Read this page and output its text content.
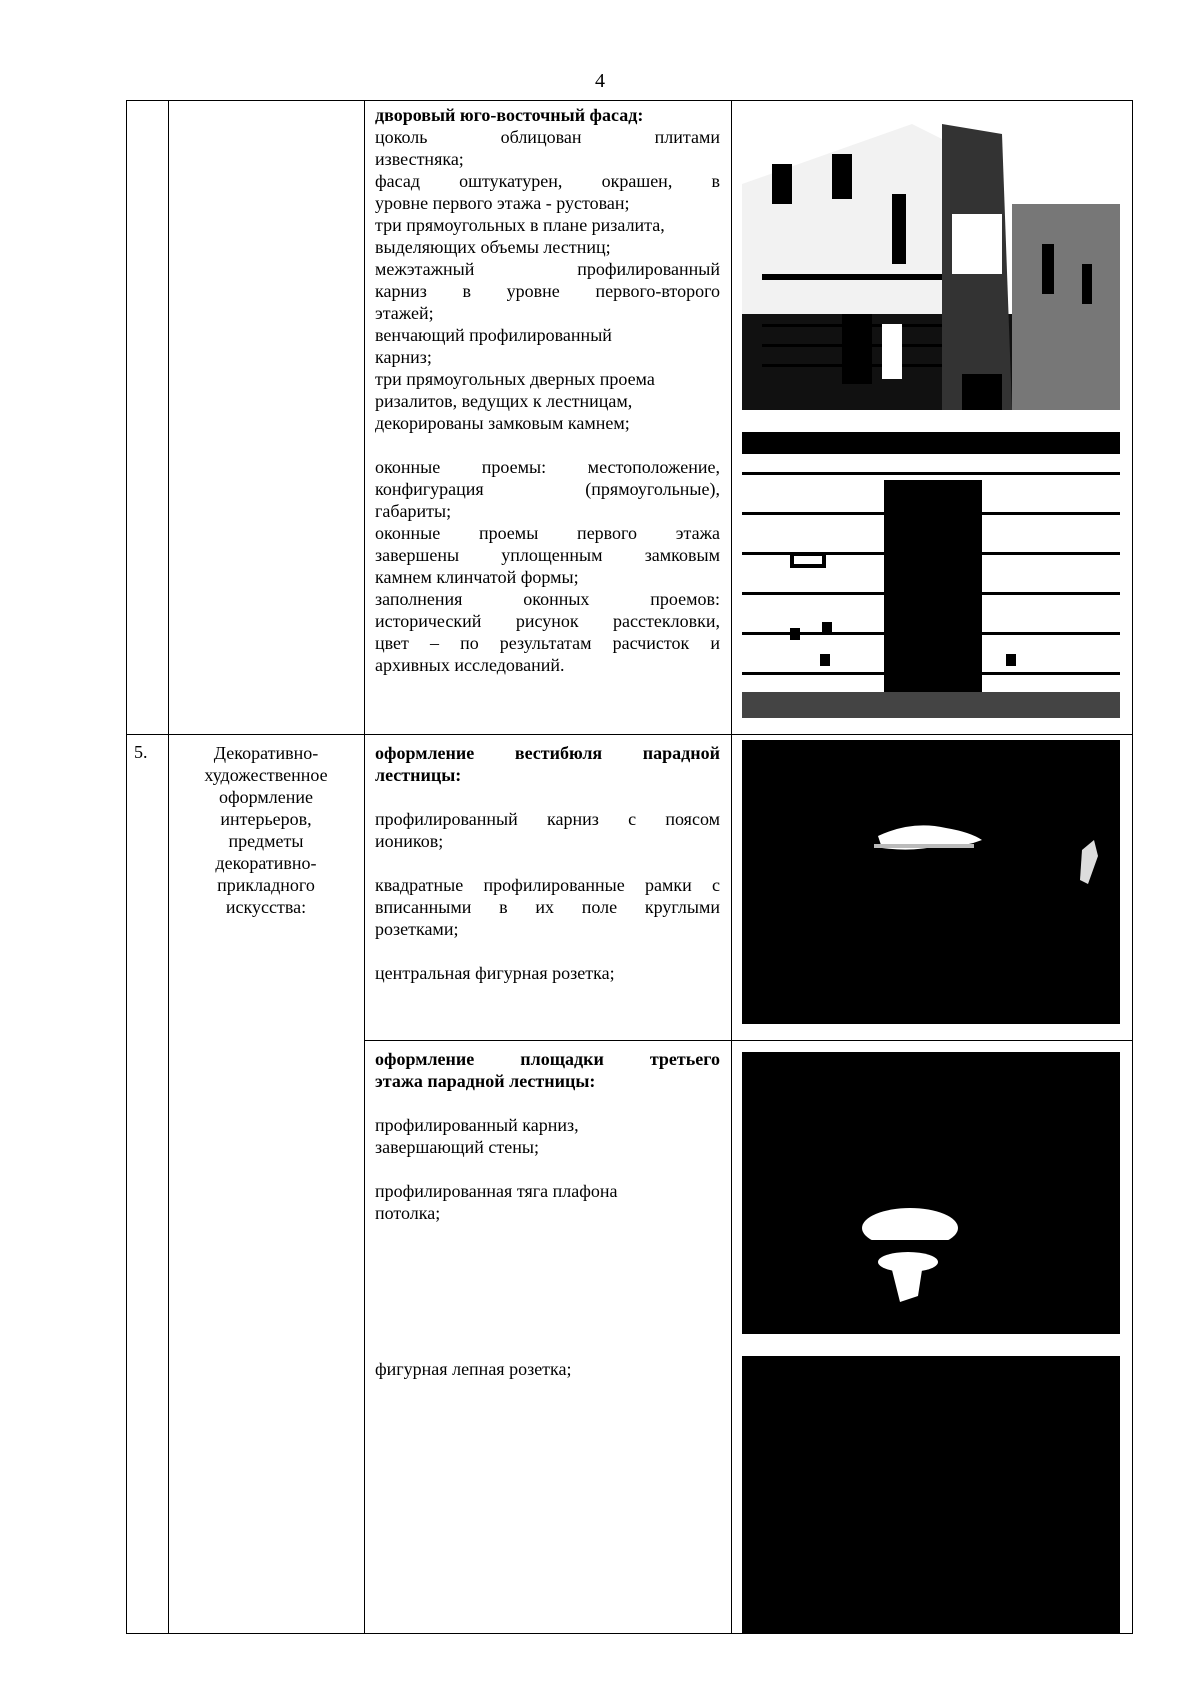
4

дворовый юго-восточный фасад:

цоколь облицован плитами

известняка;

фасад оштукатурен, окрашен, в

уровне первого этажа - рустован;

три прямоугольных в плане ризалита,

выделяющих объемы лестниц;

межэтажный профилированный

карниз в уровне первого-второго

этажей;

венчающий профилированный

карниз;

три прямоугольных дверных проема

ризалитов, ведущих к лестницам,

декорированы замковым камнем;

оконные проемы: местоположение,

конфигурация (прямоугольные),

габариты;

оконные проемы первого этажа

завершены уплощенным замковым

камнем клинчатой формы;

заполнения оконных проемов:

исторический рисунок расстекловки,

цвет – по результатам расчисток и

архивных исследований.

5.	Декоративно-
художественное
оформление
интерьеров,
предметы
декоративно-
прикладного
искусства:

оформление вестибюля парадной

лестницы:

профилированный карниз с поясом

иоников;

квадратные профилированные рамки с

вписанными в их поле круглыми

розетками;

центральная фигурная розетка;

оформление площадки третьего

этажа парадной лестницы:

профилированный карниз,

завершающий стены;

профилированная тяга плафона

потолка;

фигурная лепная розетка;
